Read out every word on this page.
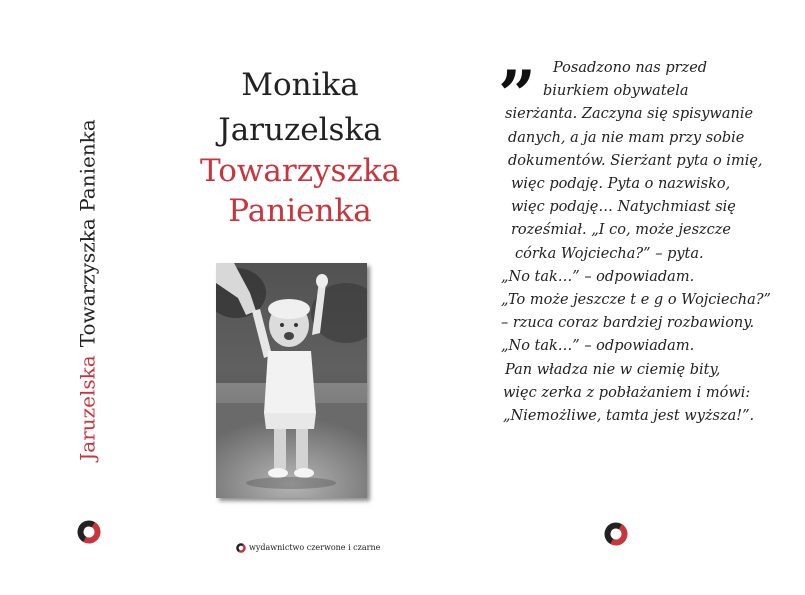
JaruzelskaTowarzyszka Panienka
Monika
Jaruzelska
Towarzyszka
Panienka
wydawnictwo czerwone i czarne
” Posadzono nas przed
biurkiem obywatela
sierżanta. Zaczyna się spisywanie
danych, a ja nie mam przy sobie
dokumentów. Sierżant pyta o imię,
więc podaję. Pyta o nazwisko,
więc podaję… Natychmiast się
roześmiał. „I co, może jeszcze
córka Wojciecha?” – pyta.
„No tak…” – odpowiadam.
„To może jeszcze t e g o Wojciecha?”
– rzuca coraz bardziej rozbawiony.
„No tak…” – odpowiadam.
Pan władza nie w ciemię bity,
więc zerka z pobłażaniem i mówi:
„Niemożliwe, tamta jest wyższa!”.
